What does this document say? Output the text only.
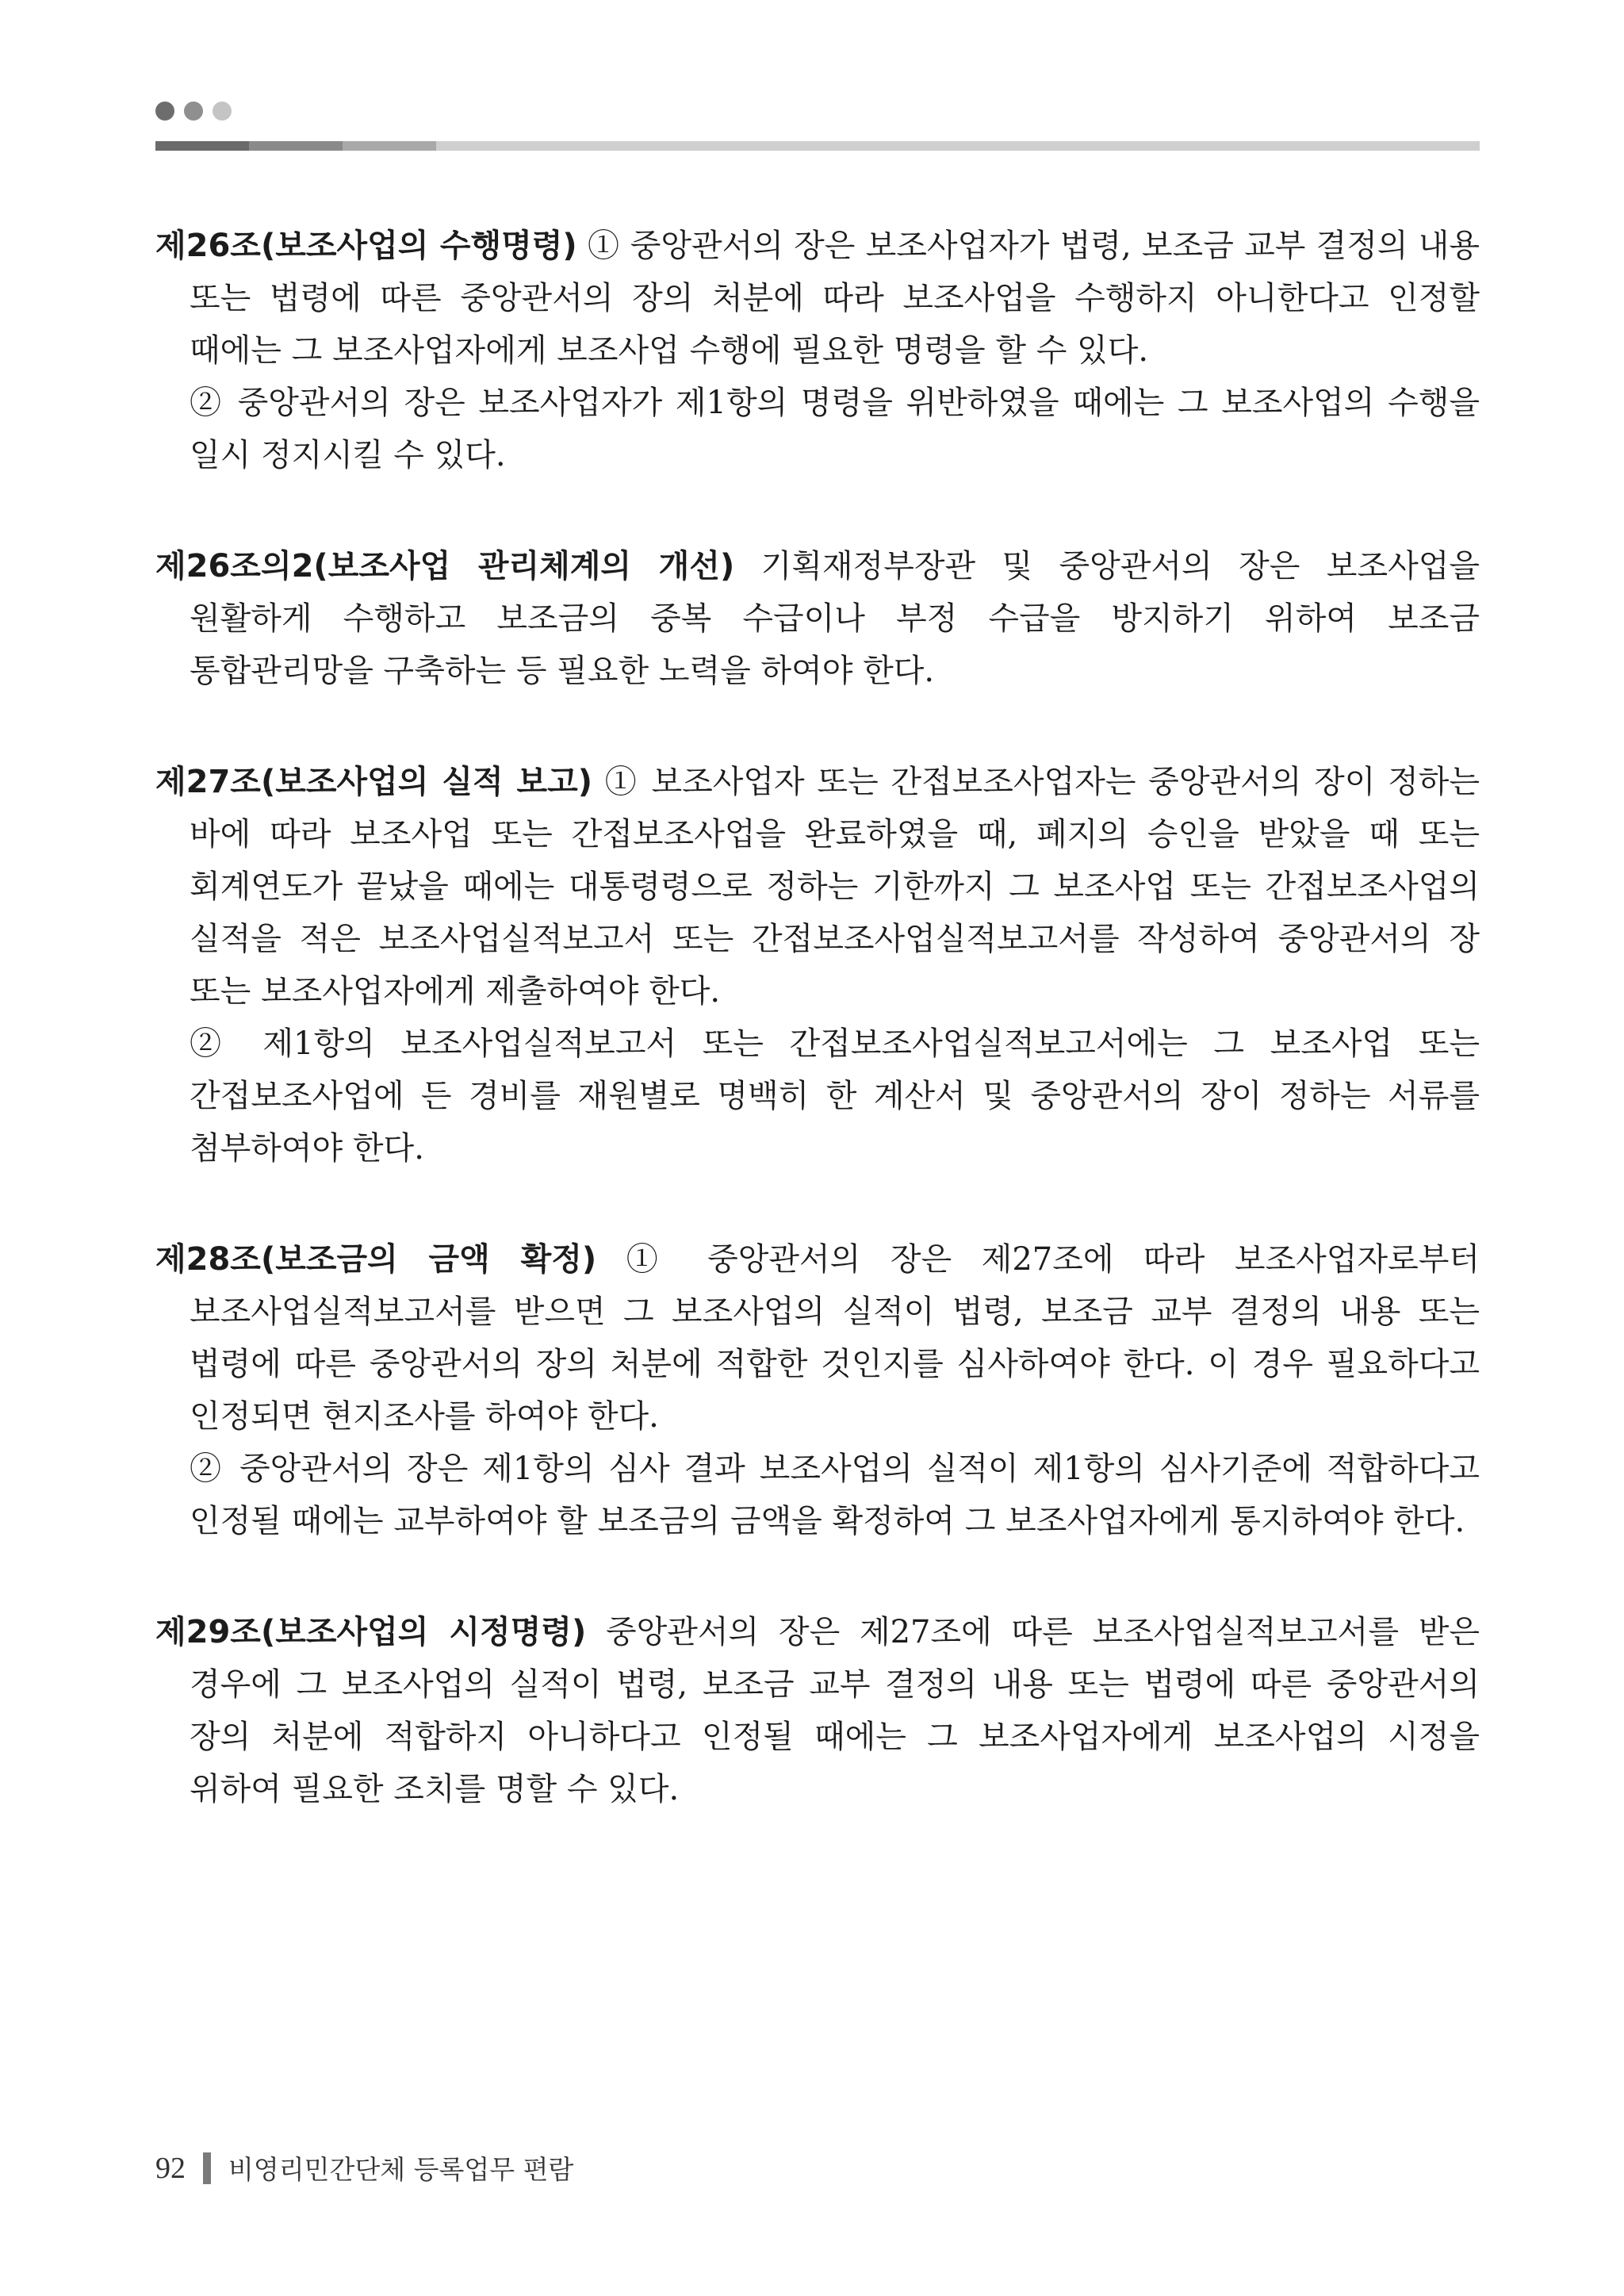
제26조(보조사업의 수행명령) ① 중앙관서의 장은 보조사업자가 법령, 보조금 교부 결정의 내용 또는 법령에 따른 중앙관서의 장의 처분에 따라 보조사업을 수행하지 아니한다고 인정할 때에는 그 보조사업자에게 보조사업 수행에 필요한 명령을 할 수 있다.

② 중앙관서의 장은 보조사업자가 제1항의 명령을 위반하였을 때에는 그 보조사업의 수행을 일시 정지시킬 수 있다.

제26조의2(보조사업 관리체계의 개선) 기획재정부장관 및 중앙관서의 장은 보조사업을 원활하게 수행하고 보조금의 중복 수급이나 부정 수급을 방지하기 위하여 보조금 통합관리망을 구축하는 등 필요한 노력을 하여야 한다.

제27조(보조사업의 실적 보고) ① 보조사업자 또는 간접보조사업자는 중앙관서의 장이 정하는 바에 따라 보조사업 또는 간접보조사업을 완료하였을 때, 폐지의 승인을 받았을 때 또는 회계연도가 끝났을 때에는 대통령령으로 정하는 기한까지 그 보조사업 또는 간접보조사업의 실적을 적은 보조사업실적보고서 또는 간접보조사업실적보고서를 작성하여 중앙관서의 장 또는 보조사업자에게 제출하여야 한다.

② 제1항의 보조사업실적보고서 또는 간접보조사업실적보고서에는 그 보조사업 또는 간접보조사업에 든 경비를 재원별로 명백히 한 계산서 및 중앙관서의 장이 정하는 서류를 첨부하여야 한다.

제28조(보조금의 금액 확정) ① 중앙관서의 장은 제27조에 따라 보조사업자로부터 보조사업실적보고서를 받으면 그 보조사업의 실적이 법령, 보조금 교부 결정의 내용 또는 법령에 따른 중앙관서의 장의 처분에 적합한 것인지를 심사하여야 한다. 이 경우 필요하다고 인정되면 현지조사를 하여야 한다.

② 중앙관서의 장은 제1항의 심사 결과 보조사업의 실적이 제1항의 심사기준에 적합하다고 인정될 때에는 교부하여야 할 보조금의 금액을 확정하여 그 보조사업자에게 통지하여야 한다.

제29조(보조사업의 시정명령) 중앙관서의 장은 제27조에 따른 보조사업실적보고서를 받은 경우에 그 보조사업의 실적이 법령, 보조금 교부 결정의 내용 또는 법령에 따른 중앙관서의 장의 처분에 적합하지 아니하다고 인정될 때에는 그 보조사업자에게 보조사업의 시정을 위하여 필요한 조치를 명할 수 있다.

92 비영리민간단체 등록업무 편람
